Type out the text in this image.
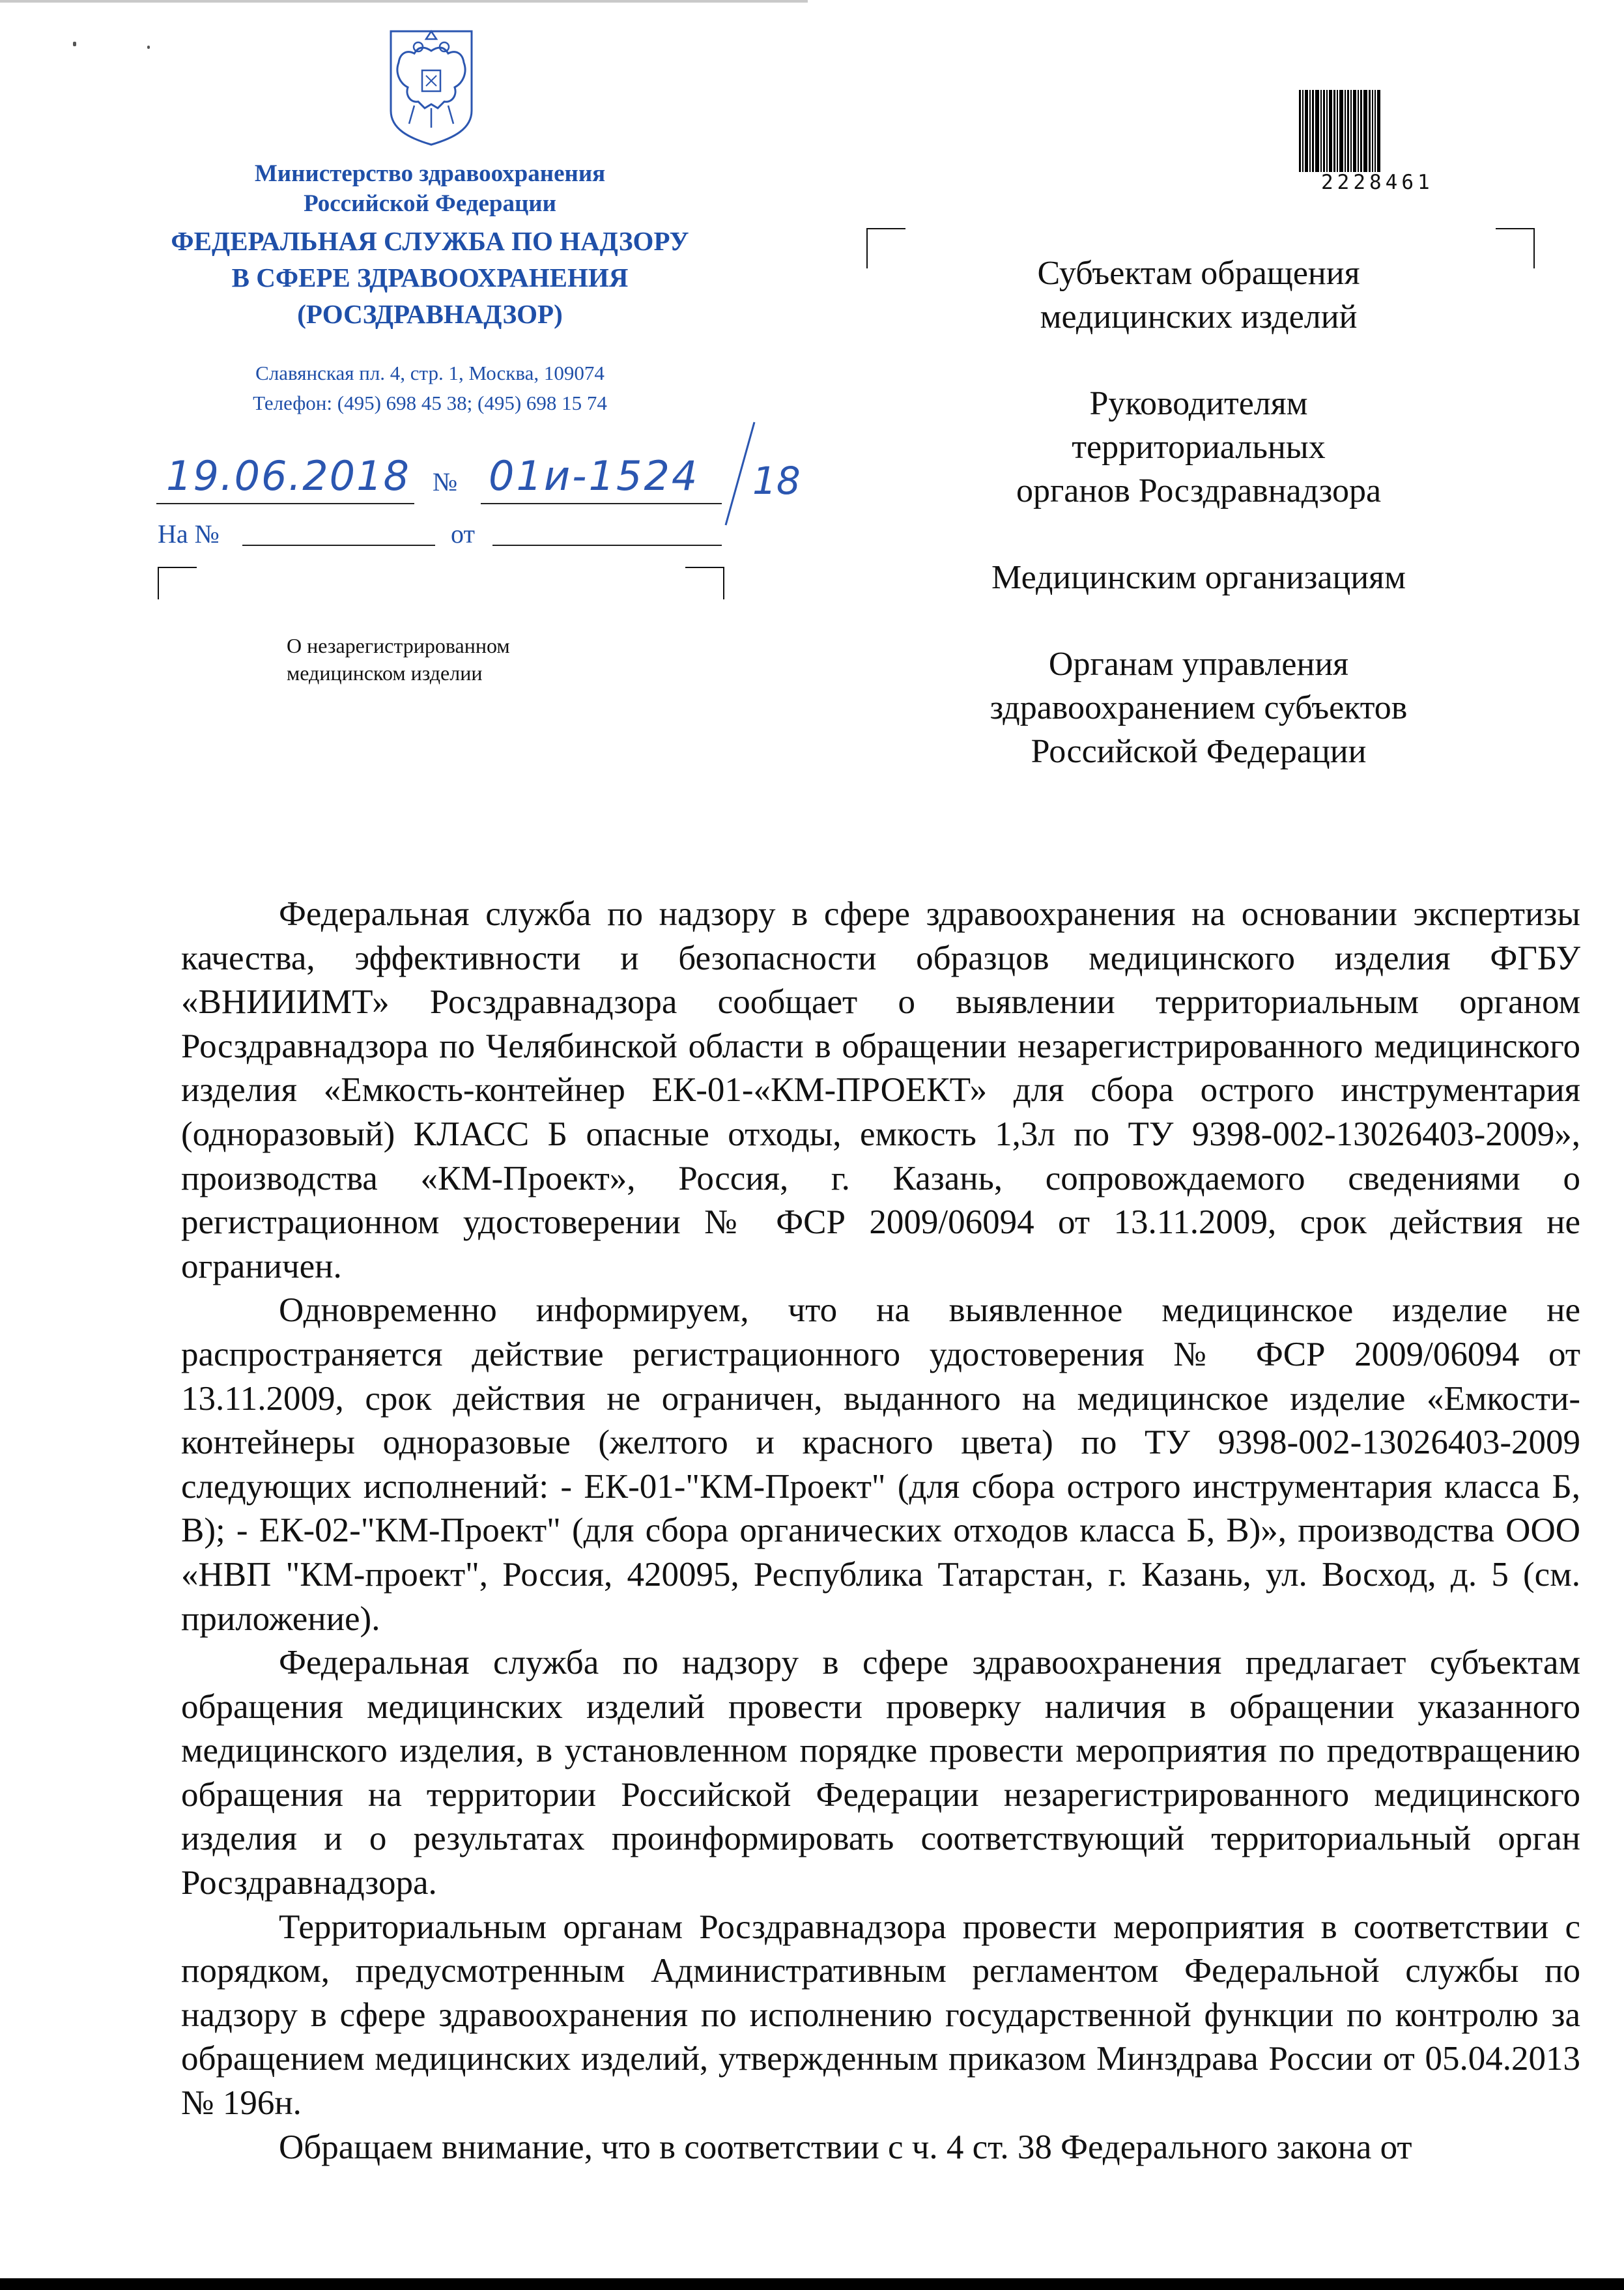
Министерство здравоохранения
Российской Федерации
ФЕДЕРАЛЬНАЯ СЛУЖБА ПО НАДЗОРУ
В СФЕРЕ ЗДРАВООХРАНЕНИЯ
(РОСЗДРАВНАДЗОР)
Славянская пл. 4, стр. 1, Москва, 109074
Телефон: (495) 698 45 38; (495) 698 15 74
19.06.2018 № 01и-1524 18
На №	от
О незарегистрированном
медицинском изделии
2228461
Субъектам обращения
медицинских изделий
Руководителям
территориальных
органов Росздравнадзора
Медицинским организациям
Органам управления
здравоохранением субъектов
Российской Федерации

Федеральная служба по надзору в сфере здравоохранения на основании экспертизы качества, эффективности и безопасности образцов медицинского изделия ФГБУ «ВНИИИМТ» Росздравнадзора сообщает о выявлении территориальным органом Росздравнадзора по Челябинской области в обращении незарегистрированного медицинского изделия «Емкость-контейнер ЕК-01-«КМ-ПРОЕКТ» для сбора острого инструментария (одноразовый) КЛАСС Б опасные отходы, емкость 1,3л по ТУ 9398-002-13026403-2009», производства «КМ-Проект», Россия, г. Казань, сопровождаемого сведениями о регистрационном удостоверении № ФСР 2009/06094 от 13.11.2009, срок действия не ограничен.

Одновременно информируем, что на выявленное медицинское изделие не распространяется действие регистрационного удостоверения № ФСР 2009/06094 от 13.11.2009, срок действия не ограничен, выданного на медицинское изделие «Емкости-контейнеры одноразовые (желтого и красного цвета) по ТУ 9398-002-13026403-2009 следующих исполнений: - ЕК-01-"КМ-Проект" (для сбора острого инструментария класса Б, В); - ЕК-02-"КМ-Проект" (для сбора органических отходов класса Б, В)», производства ООО «НВП "КМ-проект", Россия, 420095, Республика Татарстан, г. Казань, ул. Восход, д. 5 (см. приложение).

Федеральная служба по надзору в сфере здравоохранения предлагает субъектам обращения медицинских изделий провести проверку наличия в обращении указанного медицинского изделия, в установленном порядке провести мероприятия по предотвращению обращения на территории Российской Федерации незарегистрированного медицинского изделия и о результатах проинформировать соответствующий территориальный орган Росздравнадзора.

Территориальным органам Росздравнадзора провести мероприятия в соответствии с порядком, предусмотренным Административным регламентом Федеральной службы по надзору в сфере здравоохранения по исполнению государственной функции по контролю за обращением медицинских изделий, утвержденным приказом Минздрава России от 05.04.2013 № 196н.

Обращаем внимание, что в соответствии с ч. 4 ст. 38 Федерального закона от
